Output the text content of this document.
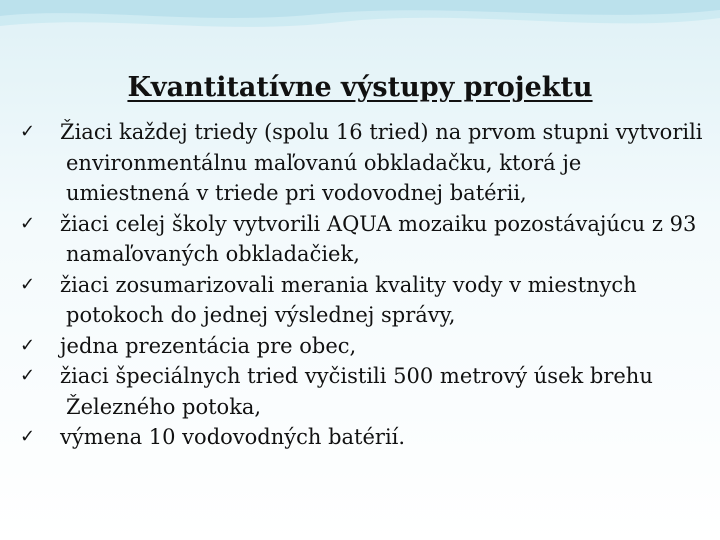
Kvantitatívne výstupy projektu
✓	Žiaci každej triedy (spolu 16 tried) na prvom stupni vytvorili environmentálnu maľovanú obkladačku, ktorá je umiestnená v triede pri vodovodnej batérii,
✓	žiaci celej školy vytvorili AQUA mozaiku pozostávajúcu z 93 namaľovaných obkladačiek,
✓	žiaci zosumarizovali merania kvality vody v miestnych potokoch do jednej výslednej správy,
✓	jedna prezentácia pre obec,
✓	žiaci špeciálnych tried vyčistili 500 metrový úsek brehu Železného potoka,
✓	výmena 10 vodovodných batérií.
